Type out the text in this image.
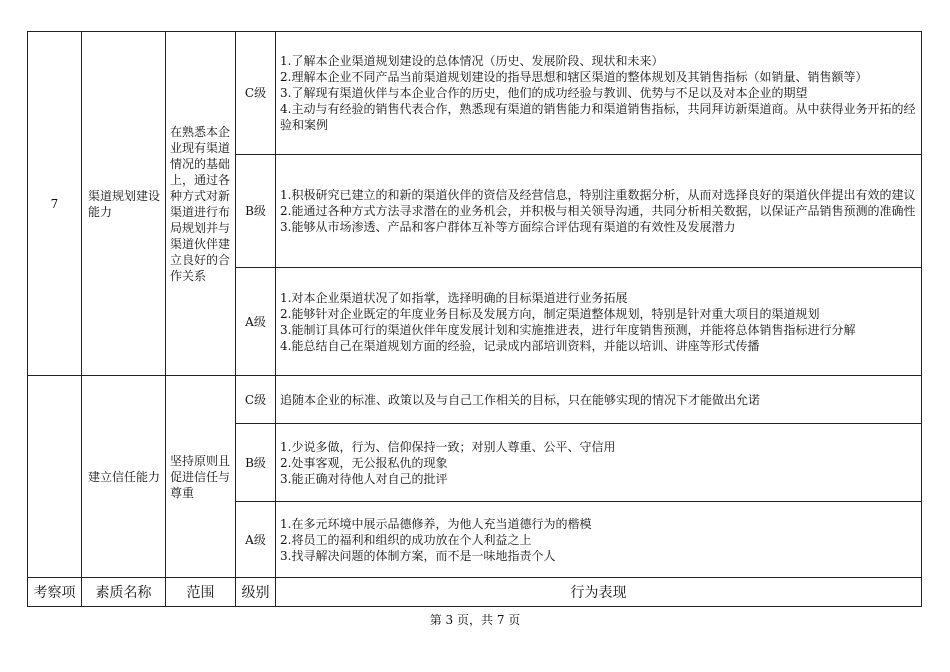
7	渠道规划建设能力	在熟悉本企业现有渠道情况的基础上，通过各种方式对新渠道进行布局规划并与渠道伙伴建立良好的合作关系	C级	1.了解本企业渠道规划建设的总体情况（历史、发展阶段、现状和未来）
2.理解本企业不同产品当前渠道规划建设的指导思想和辖区渠道的整体规划及其销售指标（如销量、销售额等）
3.了解现有渠道伙伴与本企业合作的历史，他们的成功经验与教训、优势与不足以及对本企业的期望
4.主动与有经验的销售代表合作，熟悉现有渠道的销售能力和渠道销售指标，共同拜访新渠道商。从中获得业务开拓的经验和案例

			B级	1.积极研究已建立的和新的渠道伙伴的资信及经营信息，特别注重数据分析，从而对选择良好的渠道伙伴提出有效的建议
2.能通过各种方式方法寻求潜在的业务机会，并积极与相关领导沟通，共同分析相关数据，以保证产品销售预测的准确性
3.能够从市场渗透、产品和客户群体互补等方面综合评估现有渠道的有效性及发展潜力

			A级	1.对本企业渠道状况了如指掌，选择明确的目标渠道进行业务拓展
2.能够针对企业既定的年度业务目标及发展方向，制定渠道整体规划，特别是针对重大项目的渠道规划
3.能制订具体可行的渠道伙伴年度发展计划和实施推进表，进行年度销售预测，并能将总体销售指标进行分解
4.能总结自己在渠道规划方面的经验，记录成内部培训资料，并能以培训、讲座等形式传播

	建立信任能力	坚持原则且促进信任与尊重	C级	追随本企业的标准、政策以及与自己工作相关的目标，只在能够实现的情况下才能做出允诺

			B级	1.少说多做，行为、信仰保持一致；对别人尊重、公平、守信用
2.处事客观，无公报私仇的现象
3.能正确对待他人对自己的批评

			A级	1.在多元环境中展示品德修养，为他人充当道德行为的楷模
2.将员工的福利和组织的成功放在个人利益之上
3.找寻解决问题的体制方案，而不是一味地指责个人

考察项	素质名称	范围	级别	行为表现
第 3 页，共 7 页
